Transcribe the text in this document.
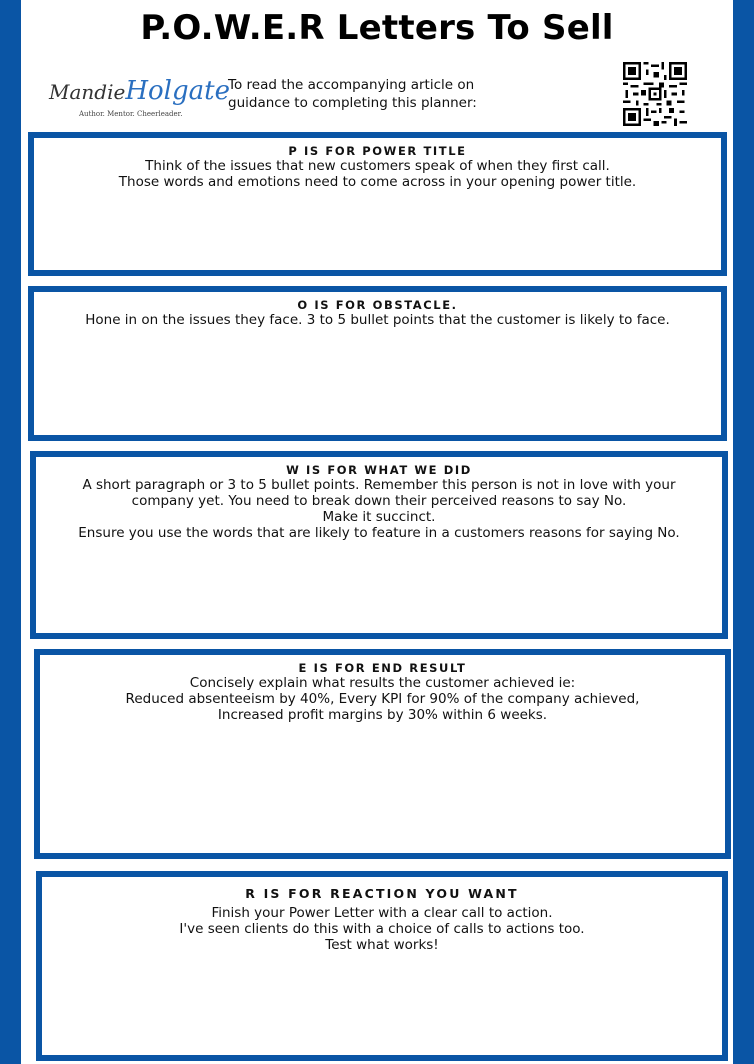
P.O.W.E.R Letters To Sell
MandieHolgate
Author. Mentor. Cheerleader.
To read the accompanying article on
guidance to completing this planner:
P IS FOR POWER TITLE
Think of the issues that new customers speak of when they first call.
Those words and emotions need to come across in your opening power title.
O IS FOR OBSTACLE.
Hone in on the issues they face. 3 to 5 bullet points that the customer is likely to face.
W IS FOR WHAT WE DID
A short paragraph or 3 to 5 bullet points. Remember this person is not in love with your
company yet. You need to break down their perceived reasons to say No.
Make it succinct.
Ensure you use the words that are likely to feature in a customers reasons for saying No.
E IS FOR END RESULT
Concisely explain what results the customer achieved ie:
Reduced absenteeism by 40%, Every KPI for 90% of the company achieved,
Increased profit margins by 30% within 6 weeks.
R IS FOR REACTION YOU WANT
Finish your Power Letter with a clear call to action.
I've seen clients do this with a choice of calls to actions too.
Test what works!
